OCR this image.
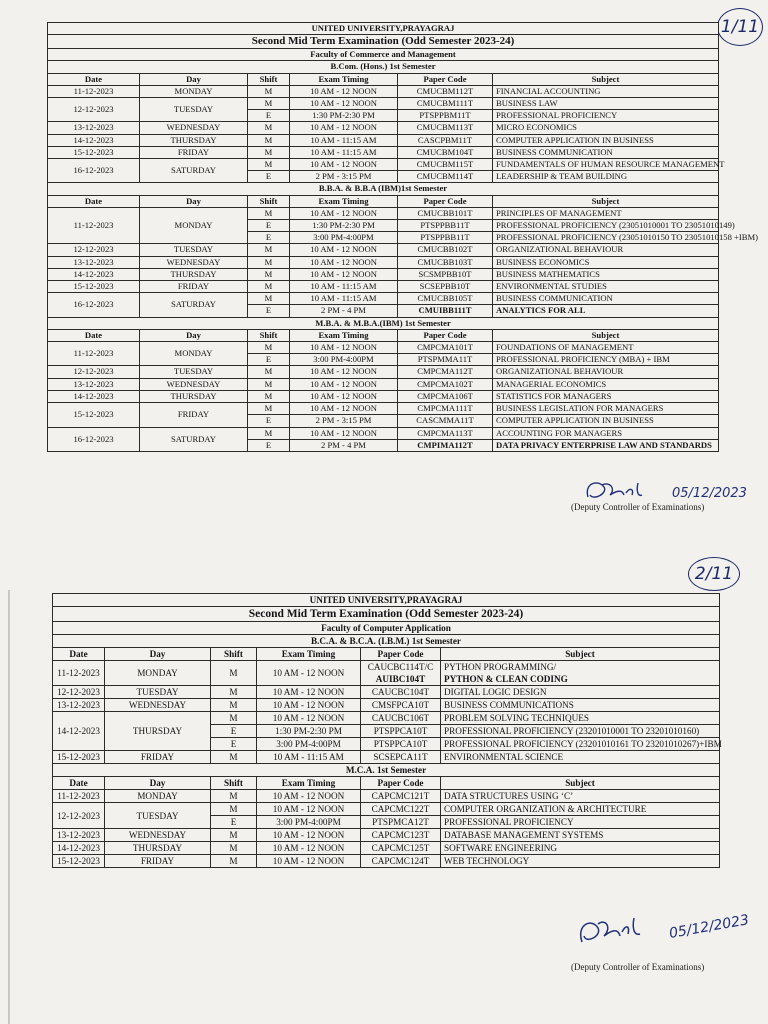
1/11
UNITED UNIVERSITY,PRAYAGRAJ					
Second Mid Term Examination (Odd Semester 2023-24)					
Faculty of Commerce and Management					
B.Com. (Hons.) 1st Semester					
Date	Day	Shift	Exam Timing	Paper Code	Subject
11-12-2023	MONDAY	M	10 AM - 12 NOON	CMUCBM112T	FINANCIAL ACCOUNTING
12-12-2023	TUESDAY	M	10 AM - 12 NOON	CMUCBM111T	BUSINESS LAW
		E	1:30 PM-2:30 PM	PTSPPBM11T	PROFESSIONAL PROFICIENCY
13-12-2023	WEDNESDAY	M	10 AM - 12 NOON	CMUCBM113T	MICRO ECONOMICS
14-12-2023	THURSDAY	M	10 AM - 11:15 AM	CASCPBM11T	COMPUTER APPLICATION IN BUSINESS
15-12-2023	FRIDAY	M	10 AM - 11:15 AM	CMUCBM104T	BUSINESS COMMUNICATION
16-12-2023	SATURDAY	M	10 AM - 12 NOON	CMUCBM115T	FUNDAMENTALS OF HUMAN RESOURCE MANAGEMENT
		E	2 PM - 3:15 PM	CMUCBM114T	LEADERSHIP & TEAM BUILDING
B.B.A. & B.B.A (IBM)1st Semester					
Date	Day	Shift	Exam Timing	Paper Code	Subject
11-12-2023	MONDAY	M	10 AM - 12 NOON	CMUCBB101T	PRINCIPLES OF MANAGEMENT
		E	1:30 PM-2:30 PM	PTSPPBB11T	PROFESSIONAL PROFICIENCY (23051010001 TO 23051010149)
		E	3:00 PM-4:00PM	PTSPPBB11T	PROFESSIONAL PROFICIENCY (23051010150 TO 23051010158 +IBM)
12-12-2023	TUESDAY	M	10 AM - 12 NOON	CMUCBB102T	ORGANIZATIONAL BEHAVIOUR
13-12-2023	WEDNESDAY	M	10 AM - 12 NOON	CMUCBB103T	BUSINESS ECONOMICS
14-12-2023	THURSDAY	M	10 AM - 12 NOON	SCSMPBB10T	BUSINESS MATHEMATICS
15-12-2023	FRIDAY	M	10 AM - 11:15 AM	SCSEPBB10T	ENVIRONMENTAL STUDIES
16-12-2023	SATURDAY	M	10 AM - 11:15 AM	CMUCBB105T	BUSINESS COMMUNICATION
		E	2 PM - 4 PM	CMUIBB111T	ANALYTICS FOR ALL
M.B.A. & M.B.A.(IBM) 1st Semester					
Date	Day	Shift	Exam Timing	Paper Code	Subject
11-12-2023	MONDAY	M	10 AM - 12 NOON	CMPCMA101T	FOUNDATIONS OF MANAGEMENT
		E	3:00 PM-4:00PM	PTSPMMA11T	PROFESSIONAL PROFICIENCY (MBA) + IBM
12-12-2023	TUESDAY	M	10 AM - 12 NOON	CMPCMA112T	ORGANIZATIONAL BEHAVIOUR
13-12-2023	WEDNESDAY	M	10 AM - 12 NOON	CMPCMA102T	MANAGERIAL ECONOMICS
14-12-2023	THURSDAY	M	10 AM - 12 NOON	CMPCMA106T	STATISTICS FOR MANAGERS
15-12-2023	FRIDAY	M	10 AM - 12 NOON	CMPCMA111T	BUSINESS LEGISLATION FOR MANAGERS
		E	2 PM - 3:15 PM	CASCMMA11T	COMPUTER APPLICATION IN BUSINESS
16-12-2023	SATURDAY	M	10 AM - 12 NOON	CMPCMA113T	ACCOUNTING FOR MANAGERS
		E	2 PM - 4 PM	CMPIMA112T	DATA PRIVACY ENTERPRISE LAW AND STANDARDS
05/12/2023
(Deputy Controller of Examinations)
2/11
UNITED UNIVERSITY,PRAYAGRAJ					
Second Mid Term Examination (Odd Semester 2023-24)					
Faculty of Computer Application					
B.C.A. & B.C.A. (I.B.M.) 1st Semester					
Date	Day	Shift	Exam Timing	Paper Code	Subject
11-12-2023	MONDAY	M	10 AM - 12 NOON	CAUCBC114T/C
AUIBC104T	PYTHON PROGRAMMING/
PYTHON & CLEAN CODING
12-12-2023	TUESDAY	M	10 AM - 12 NOON	CAUCBC104T	DIGITAL LOGIC DESIGN
13-12-2023	WEDNESDAY	M	10 AM - 12 NOON	CMSFPCA10T	BUSINESS COMMUNICATIONS
14-12-2023	THURSDAY	M	10 AM - 12 NOON	CAUCBC106T	PROBLEM SOLVING TECHNIQUES
		E	1:30 PM-2:30 PM	PTSPPCA10T	PROFESSIONAL PROFICIENCY (23201010001 TO 23201010160)
		E	3:00 PM-4:00PM	PTSPPCA10T	PROFESSIONAL PROFICIENCY (23201010161 TO 23201010267)+IBM
15-12-2023	FRIDAY	M	10 AM - 11:15 AM	SCSEPCA11T	ENVIRONMENTAL SCIENCE
M.C.A. 1st Semester					
Date	Day	Shift	Exam Timing	Paper Code	Subject
11-12-2023	MONDAY	M	10 AM - 12 NOON	CAPCMC121T	DATA STRUCTURES USING ‘C’
12-12-2023	TUESDAY	M	10 AM - 12 NOON	CAPCMC122T	COMPUTER ORGANIZATION & ARCHITECTURE
		E	3:00 PM-4:00PM	PTSPMCA12T	PROFESSIONAL PROFICIENCY
13-12-2023	WEDNESDAY	M	10 AM - 12 NOON	CAPCMC123T	DATABASE MANAGEMENT SYSTEMS
14-12-2023	THURSDAY	M	10 AM - 12 NOON	CAPCMC125T	SOFTWARE ENGINEERING
15-12-2023	FRIDAY	M	10 AM - 12 NOON	CAPCMC124T	WEB TECHNOLOGY
05/12/2023
(Deputy Controller of Examinations)
